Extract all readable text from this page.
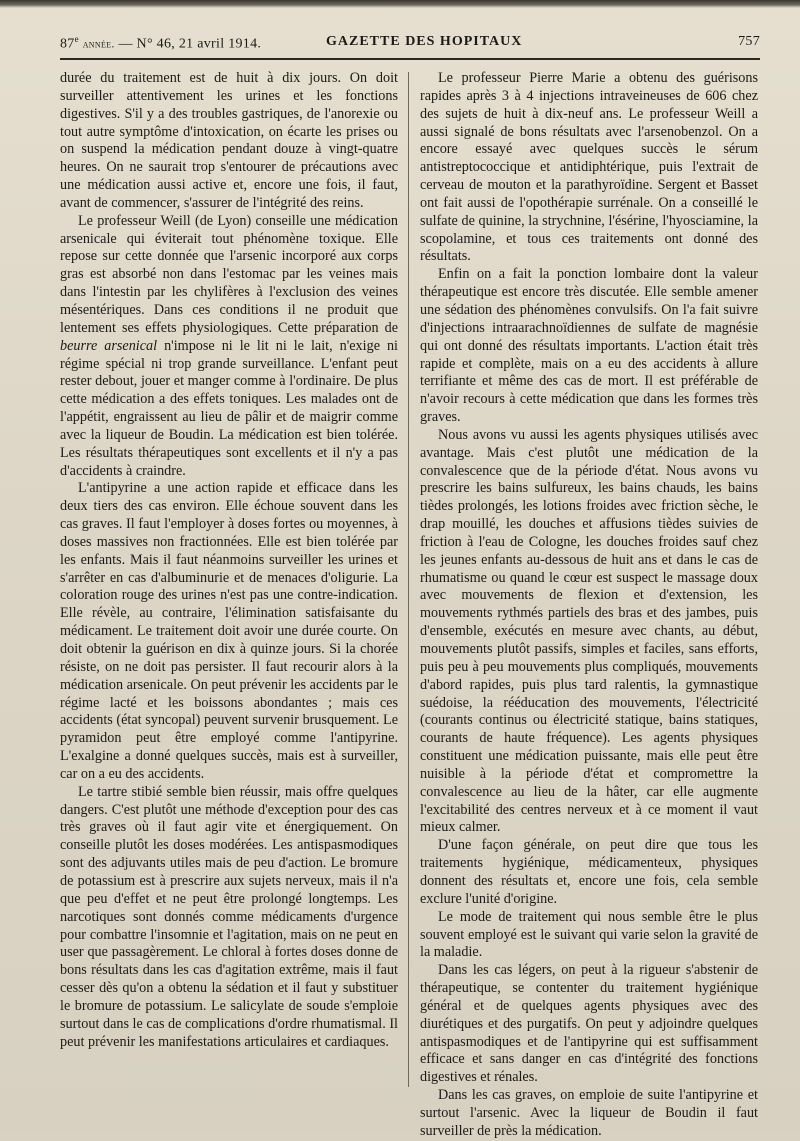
87e année. — N° 46, 21 avril 1914.	GAZETTE DES HOPITAUX	757

durée du traitement est de huit à dix jours. On doit surveiller attentivement les urines et les fonctions digestives. S'il y a des troubles gastriques, de l'anorexie ou tout autre symptôme d'intoxication, on écarte les prises ou on suspend la médication pendant douze à vingt-quatre heures. On ne saurait trop s'entourer de précautions avec une médication aussi active et, encore une fois, il faut, avant de commencer, s'assurer de l'intégrité des reins.

Le professeur Weill (de Lyon) conseille une médication arsenicale qui éviterait tout phénomène toxique. Elle repose sur cette donnée que l'arsenic incorporé aux corps gras est absorbé non dans l'estomac par les veines mais dans l'intestin par les chylifères à l'exclusion des veines mésentériques. Dans ces conditions il ne produit que lentement ses effets physiologiques. Cette préparation de beurre arsenical n'impose ni le lit ni le lait, n'exige ni régime spécial ni trop grande surveillance. L'enfant peut rester debout, jouer et manger comme à l'ordinaire. De plus cette médication a des effets toniques. Les malades ont de l'appétit, engraissent au lieu de pâlir et de maigrir comme avec la liqueur de Boudin. La médication est bien tolérée. Les résultats thérapeutiques sont excellents et il n'y a pas d'accidents à craindre.

L'antipyrine a une action rapide et efficace dans les deux tiers des cas environ. Elle échoue souvent dans les cas graves. Il faut l'employer à doses fortes ou moyennes, à doses massives non fractionnées. Elle est bien tolérée par les enfants. Mais il faut néanmoins surveiller les urines et s'arrêter en cas d'albuminurie et de menaces d'oligurie. La coloration rouge des urines n'est pas une contre-indication. Elle révèle, au contraire, l'élimination satisfaisante du médicament. Le traitement doit avoir une durée courte. On doit obtenir la guérison en dix à quinze jours. Si la chorée résiste, on ne doit pas persister. Il faut recourir alors à la médication arsenicale. On peut prévenir les accidents par le régime lacté et les boissons abondantes ; mais ces accidents (état syncopal) peuvent survenir brusquement. Le pyramidon peut être employé comme l'antipyrine. L'exalgine a donné quelques succès, mais est à surveiller, car on a eu des accidents.

Le tartre stibié semble bien réussir, mais offre quelques dangers. C'est plutôt une méthode d'exception pour des cas très graves où il faut agir vite et énergiquement. On conseille plutôt les doses modérées. Les antispasmodiques sont des adjuvants utiles mais de peu d'action. Le bromure de potassium est à prescrire aux sujets nerveux, mais il n'a que peu d'effet et ne peut être prolongé longtemps. Les narcotiques sont donnés comme médicaments d'urgence pour combattre l'insomnie et l'agitation, mais on ne peut en user que passagèrement. Le chloral à fortes doses donne de bons résultats dans les cas d'agitation extrême, mais il faut cesser dès qu'on a obtenu la sédation et il faut y substituer le bromure de potassium. Le salicylate de soude s'emploie surtout dans le cas de complications d'ordre rhumatismal. Il peut prévenir les manifestations articulaires et cardiaques.

Le professeur Pierre Marie a obtenu des guérisons rapides après 3 à 4 injections intraveineuses de 606 chez des sujets de huit à dix-neuf ans. Le professeur Weill a aussi signalé de bons résultats avec l'arsenobenzol. On a encore essayé avec quelques succès le sérum antistreptococcique et antidiphtérique, puis l'extrait de cerveau de mouton et la parathyroïdine. Sergent et Basset ont fait aussi de l'opothérapie surrénale. On a conseillé le sulfate de quinine, la strychnine, l'ésérine, l'hyosciamine, la scopolamine, et tous ces traitements ont donné des résultats.

Enfin on a fait la ponction lombaire dont la valeur thérapeutique est encore très discutée. Elle semble amener une sédation des phénomènes convulsifs. On l'a fait suivre d'injections intraarachnoïdiennes de sulfate de magnésie qui ont donné des résultats importants. L'action était très rapide et complète, mais on a eu des accidents à allure terrifiante et même des cas de mort. Il est préférable de n'avoir recours à cette médication que dans les formes très graves.

Nous avons vu aussi les agents physiques utilisés avec avantage. Mais c'est plutôt une médication de la convalescence que de la période d'état. Nous avons vu prescrire les bains sulfureux, les bains chauds, les bains tièdes prolongés, les lotions froides avec friction sèche, le drap mouillé, les douches et affusions tièdes suivies de friction à l'eau de Cologne, les douches froides sauf chez les jeunes enfants au-dessous de huit ans et dans le cas de rhumatisme ou quand le cœur est suspect le massage doux avec mouvements de flexion et d'extension, les mouvements rythmés partiels des bras et des jambes, puis d'ensemble, exécutés en mesure avec chants, au début, mouvements plutôt passifs, simples et faciles, sans efforts, puis peu à peu mouvements plus compliqués, mouvements d'abord rapides, puis plus tard ralentis, la gymnastique suédoise, la rééducation des mouvements, l'électricité (courants continus ou électricité statique, bains statiques, courants de haute fréquence). Les agents physiques constituent une médication puissante, mais elle peut être nuisible à la période d'état et compromettre la convalescence au lieu de la hâter, car elle augmente l'excitabilité des centres nerveux et à ce moment il vaut mieux calmer.

D'une façon générale, on peut dire que tous les traitements hygiénique, médicamenteux, physiques donnent des résultats et, encore une fois, cela semble exclure l'unité d'origine.

Le mode de traitement qui nous semble être le plus souvent employé est le suivant qui varie selon la gravité de la maladie.

Dans les cas légers, on peut à la rigueur s'abstenir de thérapeutique, se contenter du traitement hygiénique général et de quelques agents physiques avec des diurétiques et des purgatifs. On peut y adjoindre quelques antispasmodiques et de l'antipyrine qui est suffisamment efficace et sans danger en cas d'intégrité des fonctions digestives et rénales.

Dans les cas graves, on emploie de suite l'antipyrine et surtout l'arsenic. Avec la liqueur de Boudin il faut surveiller de près la médication.
